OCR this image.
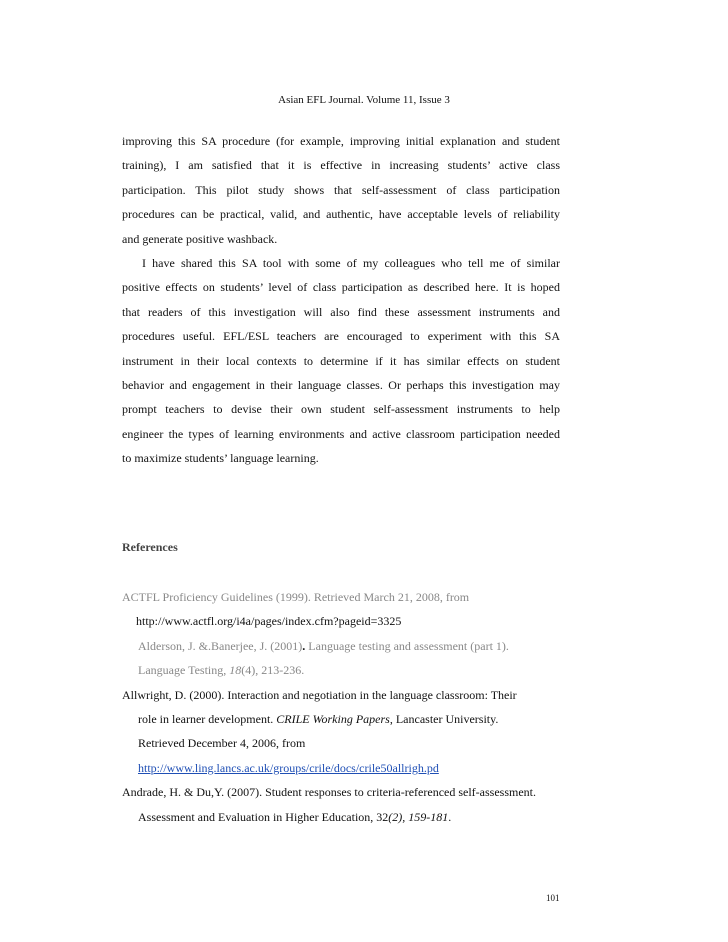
Asian EFL Journal. Volume 11, Issue 3
improving this SA procedure (for example, improving initial explanation and student
training), I am satisfied that it is effective in increasing students’ active class
participation. This pilot study shows that self-assessment of class participation
procedures can be practical, valid, and authentic, have acceptable levels of reliability
and generate positive washback.
I have shared this SA tool with some of my colleagues who tell me of similar
positive effects on students’ level of class participation as described here. It is hoped
that readers of this investigation will also find these assessment instruments and
procedures useful. EFL/ESL teachers are encouraged to experiment with this SA
instrument in their local contexts to determine if it has similar effects on student
behavior and engagement in their language classes. Or perhaps this investigation may
prompt teachers to devise their own student self-assessment instruments to help
engineer the types of learning environments and active classroom participation needed
to maximize students’ language learning.
References
ACTFL Proficiency Guidelines (1999). Retrieved March 21, 2008, from
http://www.actfl.org/i4a/pages/index.cfm?pageid=3325
Alderson, J. &.Banerjee, J. (2001). Language testing and assessment (part 1).
Language Testing, 18(4), 213-236.
Allwright, D. (2000). Interaction and negotiation in the language classroom: Their
role in learner development. CRILE Working Papers, Lancaster University.
Retrieved December 4, 2006, from
http://www.ling.lancs.ac.uk/groups/crile/docs/crile50allrigh.pd
Andrade, H. & Du,Y. (2007). Student responses to criteria-referenced self-assessment.
Assessment and Evaluation in Higher Education, 32(2), 159-181.
101
